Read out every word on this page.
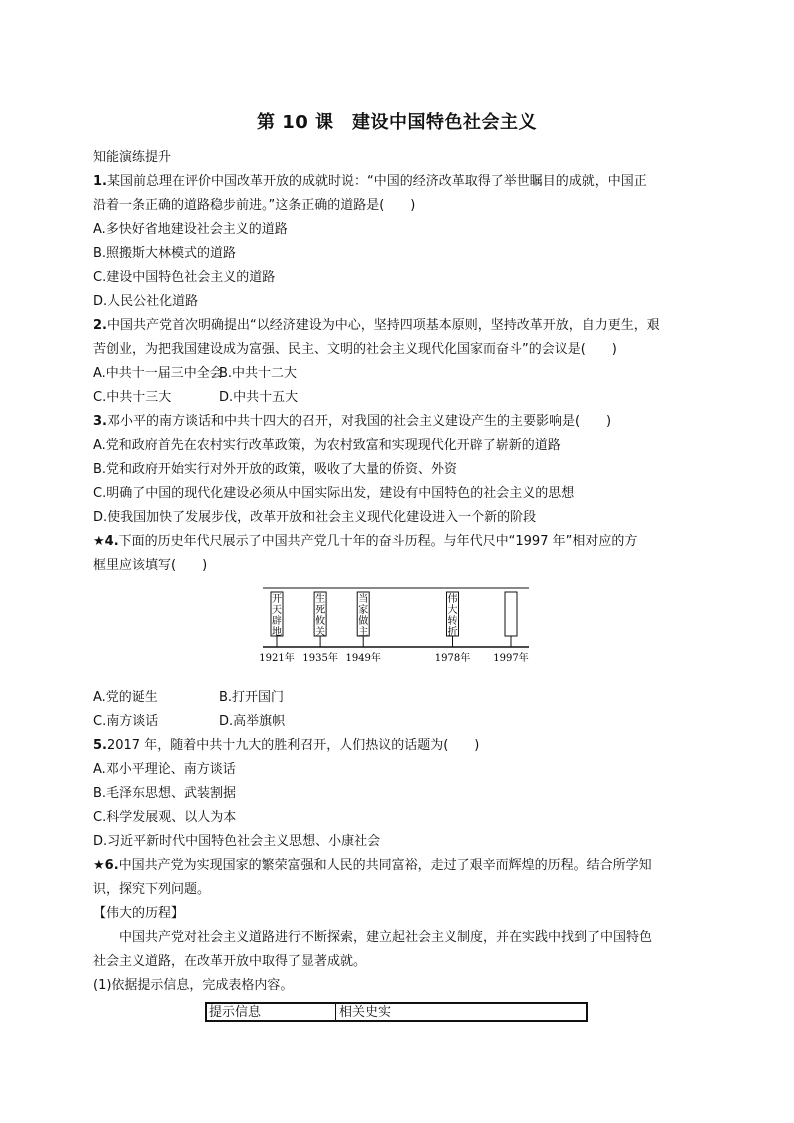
第 10 课　建设中国特色社会主义

知能演练提升

1.某国前总理在评价中国改革开放的成就时说：“中国的经济改革取得了举世瞩目的成就，中国正

沿着一条正确的道路稳步前进。”这条正确的道路是(　　)

A.多快好省地建设社会主义的道路

B.照搬斯大林模式的道路

C.建设中国特色社会主义的道路

D.人民公社化道路

2.中国共产党首次明确提出“以经济建设为中心，坚持四项基本原则，坚持改革开放，自力更生，艰

苦创业，为把我国建设成为富强、民主、文明的社会主义现代化国家而奋斗”的会议是(　　)

A.中共十一届三中全会B.中共十二大

C.中共十三大	D.中共十五大

3.邓小平的南方谈话和中共十四大的召开，对我国的社会主义建设产生的主要影响是(　　)

A.党和政府首先在农村实行改革政策，为农村致富和实现现代化开辟了崭新的道路

B.党和政府开始实行对外开放的政策，吸收了大量的侨资、外资

C.明确了中国的现代化建设必须从中国实际出发，建设有中国特色的社会主义的思想

D.使我国加快了发展步伐，改革开放和社会主义现代化建设进入一个新的阶段

★4.下面的历史年代尺展示了中国共产党几十年的奋斗历程。与年代尺中“1997 年”相对应的方

框里应该填写(　　)

开
天
辟
地
1921年
生
死
攸
关
1935年
当
家
做
主
1949年
伟
大
转
折
1978年 1997年

A.党的诞生	B.打开国门

C.南方谈话	D.高举旗帜

5.2017 年，随着中共十九大的胜利召开，人们热议的话题为(　　)

A.邓小平理论、南方谈话

B.毛泽东思想、武装割据

C.科学发展观、以人为本

D.习近平新时代中国特色社会主义思想、小康社会

★6.中国共产党为实现国家的繁荣富强和人民的共同富裕，走过了艰辛而辉煌的历程。结合所学知

识，探究下列问题。

【伟大的历程】

中国共产党对社会主义道路进行不断探索，建立起社会主义制度，并在实践中找到了中国特色

社会主义道路，在改革开放中取得了显著成就。

(1)依据提示信息，完成表格内容。

提示信息	相关史实
